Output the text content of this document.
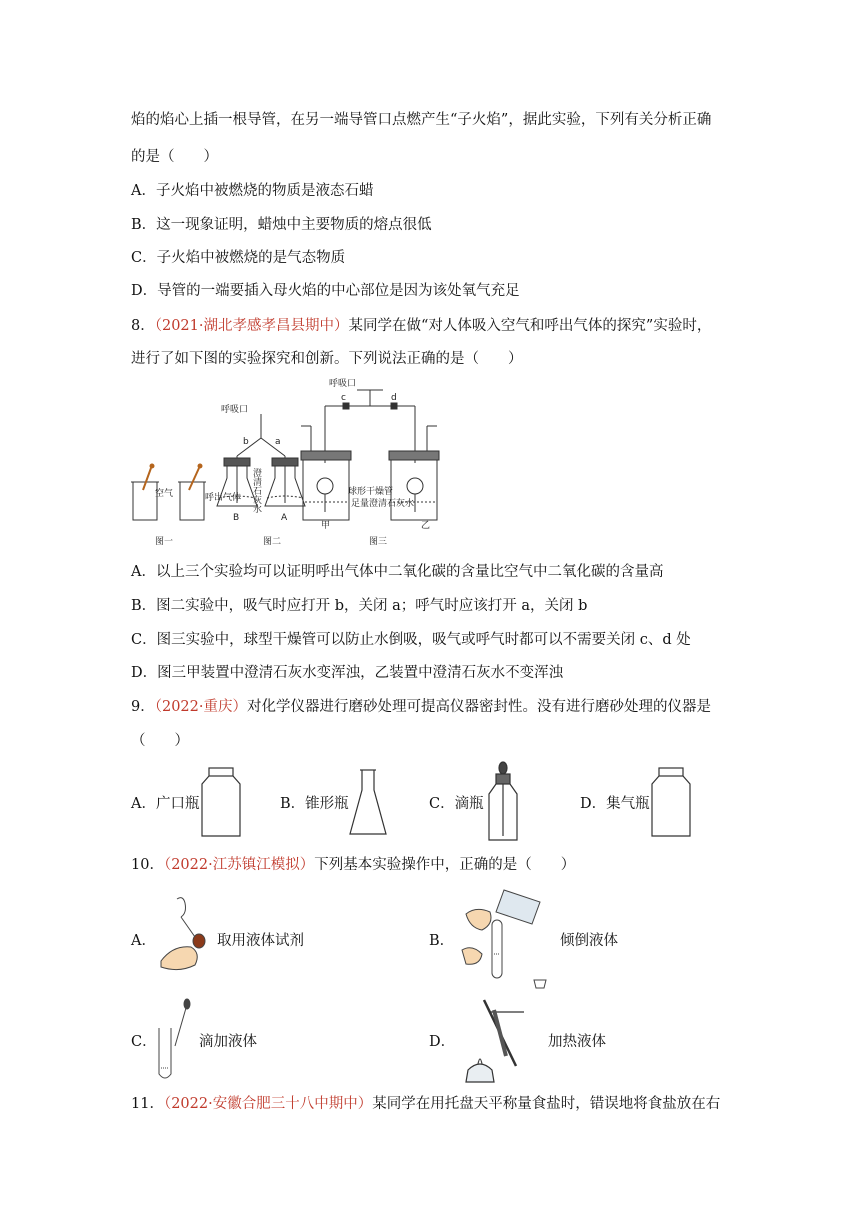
焰的焰心上插一根导管，在另一端导管口点燃产生“子火焰”，据此实验，下列有关分析正确
的是（　　）
A．子火焰中被燃烧的物质是液态石蜡
B．这一现象证明，蜡烛中主要物质的熔点很低
C．子火焰中被燃烧的是气态物质
D．导管的一端要插入母火焰的中心部位是因为该处氧气充足
8．（2021·湖北孝感孝昌县期中）某同学在做“对人体吸入空气和呼出气体的探究”实验时，
进行了如下图的实验探究和创新。下列说法正确的是（　　）
空气	呼出气体
图一
呼吸口
b	a
澄清石灰水
B	A
图二
呼吸口
c	d
球形干燥管
足量澄清石灰水
甲	乙
图三
A．以上三个实验均可以证明呼出气体中二氧化碳的含量比空气中二氧化碳的含量高
B．图二实验中，吸气时应打开 b，关闭 a；呼气时应该打开 a，关闭 b
C．图三实验中，球型干燥管可以防止水倒吸，吸气或呼气时都可以不需要关闭 c、d 处
D．图三甲装置中澄清石灰水变浑浊，乙装置中澄清石灰水不变浑浊
9．（2022·重庆）对化学仪器进行磨砂处理可提高仪器密封性。没有进行磨砂处理的仪器是
（　　）
A．广口瓶	B．锥形瓶	C．滴瓶	D．集气瓶
10．（2022·江苏镇江模拟）下列基本实验操作中，正确的是（　　）
A．	取用液体试剂	B．	倾倒液体
C．	滴加液体	D．	加热液体
11．（2022·安徽合肥三十八中期中）某同学在用托盘天平称量食盐时，错误地将食盐放在右
